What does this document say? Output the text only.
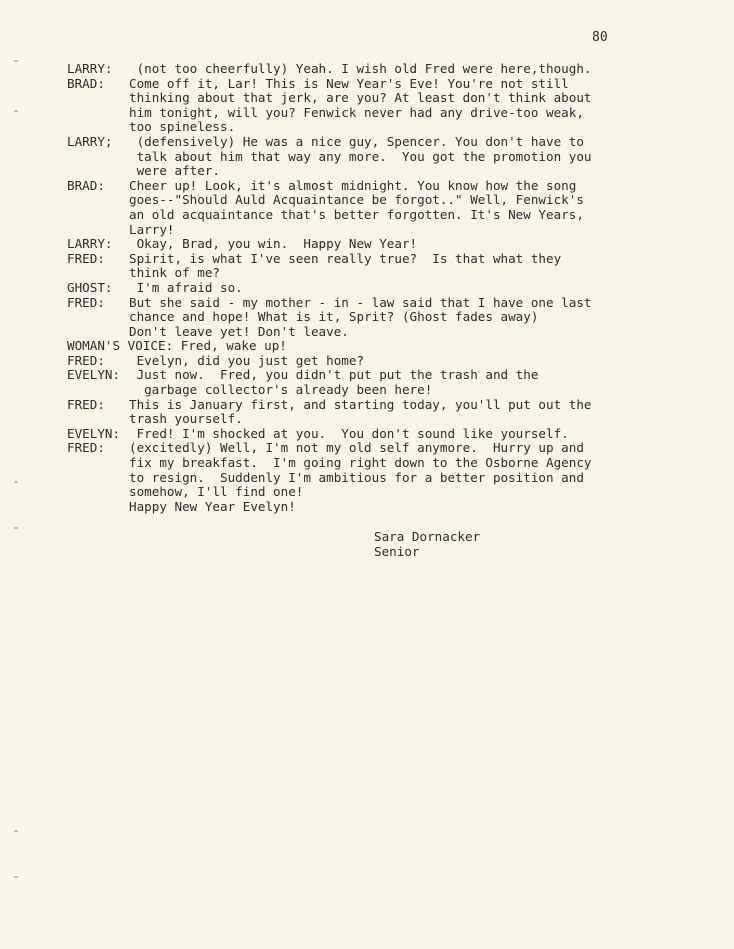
80
LARRY: (not too cheerfully) Yeah. I wish old Fred were here,though.
BRAD: Come off it, Lar! This is New Year's Eve! You're not still
thinking about that jerk, are you? At least don't think about
him tonight, will you? Fenwick never had any drive-too weak,
too spineless.
LARRY; (defensively) He was a nice guy, Spencer. You don't have to
talk about him that way any more.  You got the promotion you
were after.
BRAD: Cheer up! Look, it's almost midnight. You know how the song
goes--"Should Auld Acquaintance be forgot.." Well, Fenwick's
an old acquaintance that's better forgotten. It's New Years,
Larry!
LARRY: Okay, Brad, you win.  Happy New Year!
FRED: Spirit, is what I've seen really true?  Is that what they
think of me?
GHOST: I'm afraid so.
FRED: But she said - my mother - in - law said that I have one last
chance and hope! What is it, Sprit? (Ghost fades away)
Don't leave yet! Don't leave.
WOMAN'S VOICE: Fred, wake up!
FRED: Evelyn, did you just get home?
EVELYN: Just now.  Fred, you didn't put put the trash and the
garbage collector's already been here!
FRED: This is January first, and starting today, you'll put out the
trash yourself.
EVELYN: Fred! I'm shocked at you.  You don't sound like yourself.
FRED: (excitedly) Well, I'm not my old self anymore.  Hurry up and
fix my breakfast.  I'm going right down to the Osborne Agency
to resign.  Suddenly I'm ambitious for a better position and
somehow, I'll find one!
Happy New Year Evelyn!
Sara Dornacker
Senior
